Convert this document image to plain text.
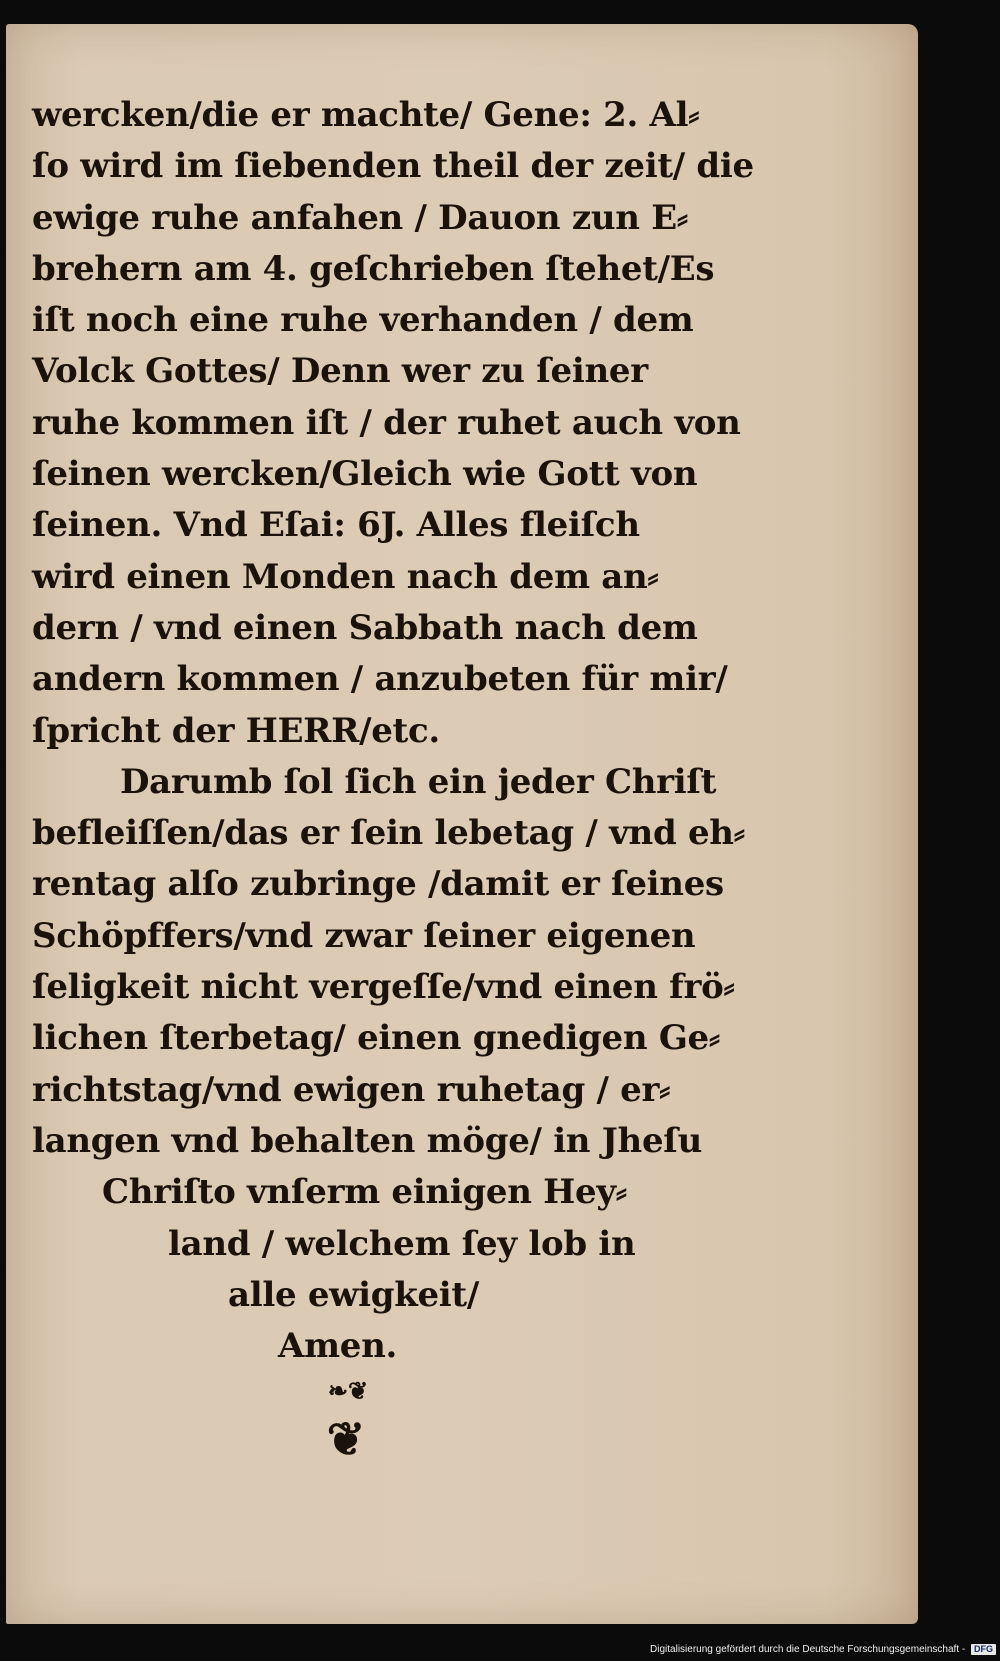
wercken/die er machte/ Gene: 2. Al⸗
ſo wird im ſiebenden theil der zeit/ die
ewige ruhe anfahen / Dauon zun E⸗
brehern am 4. geſchrieben ſtehet/Es
iſt noch eine ruhe verhanden / dem
Volck Gottes/ Denn wer zu ſeiner
ruhe kommen iſt / der ruhet auch von
ſeinen wercken/Gleich wie Gott von
ſeinen. Vnd Eſai: 6J. Alles fleiſch
wird einen Monden nach dem an⸗
dern / vnd einen Sabbath nach dem
andern kommen / anzubeten für mir/
ſpricht der HERR/etc.
Darumb ſol ſich ein jeder Chriſt
befleiſſen/das er ſein lebetag / vnd eh⸗
rentag alſo zubringe /damit er ſeines
Schöpffers/vnd zwar ſeiner eigenen
ſeligkeit nicht vergeſſe/vnd einen frö⸗
lichen ſterbetag/ einen gnedigen Ge⸗
richtstag/vnd ewigen ruhetag / er⸗
langen vnd behalten möge/ in Jheſu
Chriſto vnſerm einigen Hey⸗
land / welchem ſey lob in
alle ewigkeit/
Amen.
❧❦
❦
Digitalisierung gefördert durch die Deutsche Forschungsgemeinschaft - DFG
